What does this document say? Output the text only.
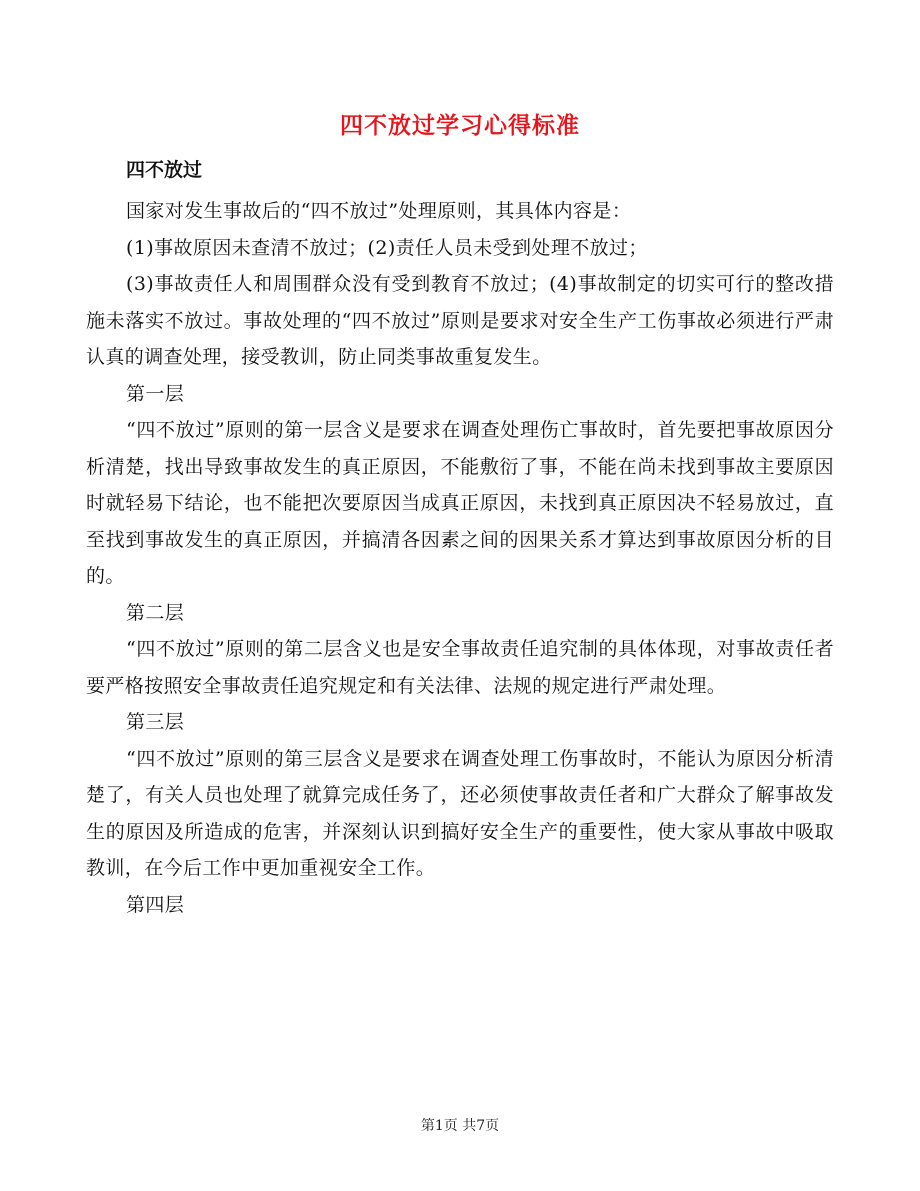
四不放过学习心得标准
四不放过

国家对发生事故后的“四不放过”处理原则，其具体内容是：

(1)事故原因未查清不放过；(2)责任人员未受到处理不放过；

(3)事故责任人和周围群众没有受到教育不放过；(4)事故制定的切实可行的整改措施未落实不放过。事故处理的“四不放过”原则是要求对安全生产工伤事故必须进行严肃认真的调查处理，接受教训，防止同类事故重复发生。

第一层

“四不放过”原则的第一层含义是要求在调查处理伤亡事故时，首先要把事故原因分析清楚，找出导致事故发生的真正原因，不能敷衍了事，不能在尚未找到事故主要原因时就轻易下结论，也不能把次要原因当成真正原因，未找到真正原因决不轻易放过，直至找到事故发生的真正原因，并搞清各因素之间的因果关系才算达到事故原因分析的目的。

第二层

“四不放过”原则的第二层含义也是安全事故责任追究制的具体体现，对事故责任者要严格按照安全事故责任追究规定和有关法律、法规的规定进行严肃处理。

第三层

“四不放过”原则的第三层含义是要求在调查处理工伤事故时，不能认为原因分析清楚了，有关人员也处理了就算完成任务了，还必须使事故责任者和广大群众了解事故发生的原因及所造成的危害，并深刻认识到搞好安全生产的重要性，使大家从事故中吸取教训，在今后工作中更加重视安全工作。

第四层

第1页 共7页
